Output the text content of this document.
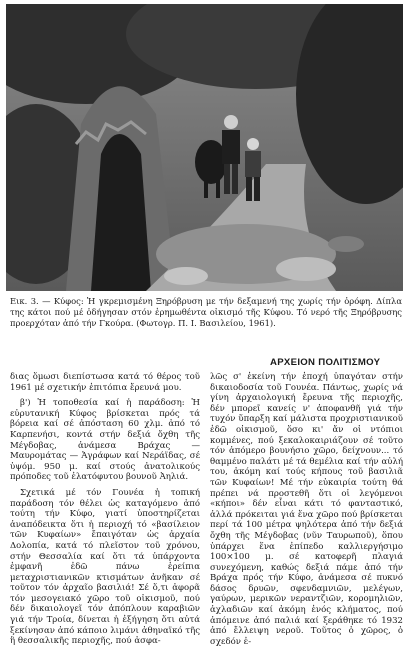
Εικ. 3. — Κύφος: Ἡ γκρεμισμένη Ξηρόβρυση με τήν δεξαμενή της χωρίς τήν ὀρόφη. Δίπλα της κάτοι πού μέ ὁδήγησαν στόν ἐρημωθέντα οἰκισμό τῆς Κύφου. Τό νερό τῆς Ξηρόβρυσης προερχόταν ἀπό τήν Γκούρα. (Φωτογρ. Π. Ι. Βασιλείου, 1961).
ΑΡΧΕΙΟΝ ΠΟΛΙΤΙΣΜΟΥ

διας ὅμωσι διεπίστωσα κατά τό θέρος τοῦ 1961 μέ σχετικήν ἐπιτόπια ἔρευνά μου.

β') Ἡ τοποθεσία καί ἡ παράδοση: Ἡ εὐρυτανική Κύφος βρίσκεται πρός τά βόρεια καί σέ ἀπόσταση 60 χλμ. ἀπό τό Καρπενήσι, κοντά στήν δεξιά ὄχθη τῆς Μέγδοβας, ἀνάμεσα Βράχας — Μαυρομάτας — Ἀγράφων καί Νεράϊδας, σέ ὑψόμ. 950 μ. καί στούς ἀνατολικούς πρόποδες τοῦ ἐλατόφυτου βουνοῦ Ἀηλιά.

Σχετικά μέ τόν Γουνέα ἡ τοπική παράδοση τόν θέλει ὡς καταγόμενο ἀπό τούτη τήν Κύφο, γιατί ὑποστηρίζεται ἀναπόδεικτα ὅτι ἡ περιοχή τό «βασίλειον τῶν Κυφαίων» ἔπαιγόταν ὡς ἀρχαία Δολοπία, κατά τό πλεῖστον τοῦ χρόνου, στήν Θεσσαλία καί ὅτι τά ὑπάρχοντα ἐμφανῆ ἐδῶ πάνω ἐρείπια μεταχριστιανικῶν κτισμάτων ἀνῆκαν σέ τοῦτον τόν ἀρχαῖο βασιλιά! Σέ ὅ,τι ἀφορᾶ τόν μεσογειακό χῶρο τοῦ οἰκισμοῦ, πού δέν δικαιολογεῖ τόν ἀπόπλουν καραβιῶν γιά τήν Τροία, δίνεται ἡ ἐξήγηση ὅτι αὐτά ξεκίνησαν ἀπό κάποιο λιμάνι ἀθηναϊκό τῆς ἢ θεσσαλικῆς περιοχῆς, πού ἀσφα-

λῶς σ' ἐκείνη τήν ἐποχή ὑπαγόταν στήν δικαιοδοσία τοῦ Γουνέα. Πάντως, χωρίς νά γίνη ἀρχαιολογική ἔρευνα τῆς περιοχῆς, δέν μπορεῖ κανείς ν' ἀποφανθῆ γιά τήν τυχόν ὕπαρξη καί μάλιστα προχριστιανικοῦ ἐδῶ οἰκισμοῦ, ὅσο κι' ἄν οἱ ντόπιοι κομμένες, πού ξεκαλοκαιριάζουν σέ τοῦτο τόν ἀπόμερο βουνήσιο χῶρο, δείχνουν... τό θαμμένο παλάτι μέ τά θεμέλια καί τήν αὐλή του, ἀκόμη καί τούς κήπους τοῦ βασιλιᾶ τῶν Κυφαίων! Μέ τήν εὐκαιρία τούτη θά πρέπει νά προστεθῆ ὅτι οἱ λεγόμενοι «κήποι» δέν εἶναι κάτι τό φανταστικό, ἀλλά πρόκειται γιά ἕνα χῶρο πού βρίσκεται περί τά 100 μέτρα ψηλότερα ἀπό τήν δεξιά ὄχθη τῆς Μέγδοβας (νῦν Ταυρωποῦ), ὅπου ὑπάρχει ἕνα ἐπίπεδο καλλιεργήσιμο 100×100 μ. σέ κατοφερῆ πλαγιά συνεχόμενη, καθώς δεξιά πάμε ἀπό τήν Βράχα πρός τήν Κύφο, ἀνάμεσα σέ πυκνό δάσος δρυῶν, σφενδαμνιῶν, μελέγων, γαύρων, μερικῶν νεραντζιῶν, κορομηλιῶν, ἀχλαδιῶν καί ἀκόμη ἑνός κλήματος, πού ἀπόμεινε ἀπό παλιά καί ξεράθηκε τό 1932 ἀπό ἔλλειψη νεροῦ. Τοῦτος ὁ χῶρος, ὁ σχεδόν ἐ-
